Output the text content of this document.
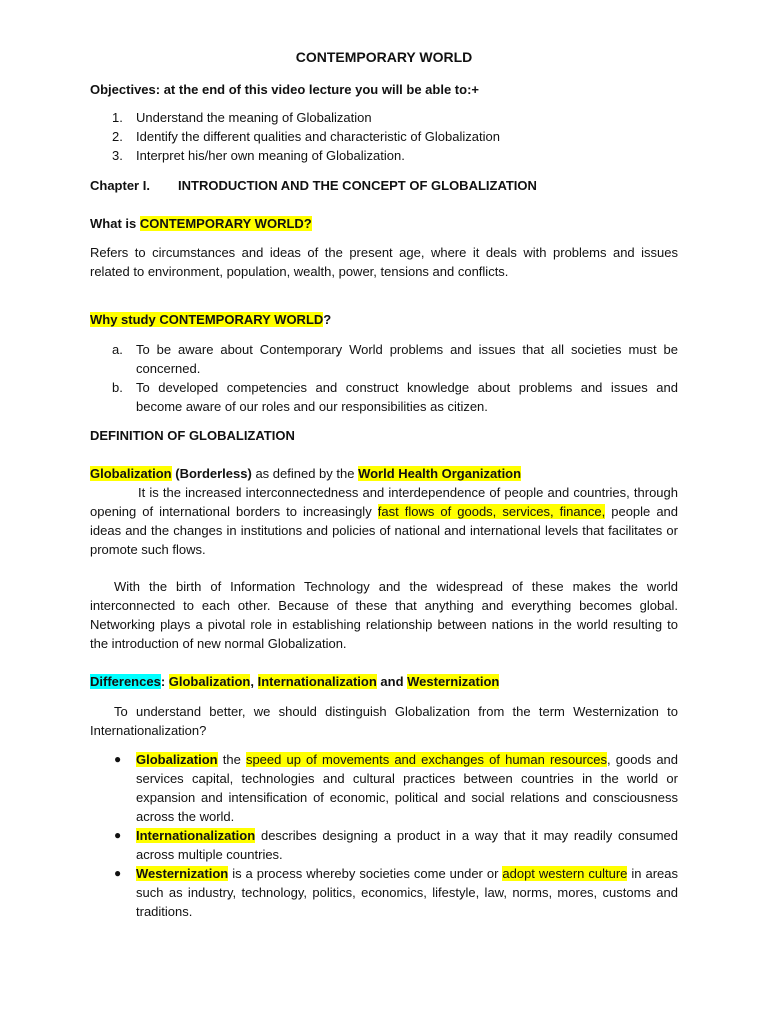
CONTEMPORARY WORLD
Objectives: at the end of this video lecture you will be able to:+
1. Understand the meaning of Globalization
2. Identify the different qualities and characteristic of Globalization
3. Interpret his/her own meaning of Globalization.
Chapter I. INTRODUCTION AND THE CONCEPT OF GLOBALIZATION
What is CONTEMPORARY WORLD?
Refers to circumstances and ideas of the present age, where it deals with problems and issues related to environment, population, wealth, power, tensions and conflicts.
Why study CONTEMPORARY WORLD?
a. To be aware about Contemporary World problems and issues that all societies must be concerned.
b. To developed competencies and construct knowledge about problems and issues and become aware of our roles and our responsibilities as citizen.
DEFINITION OF GLOBALIZATION
Globalization (Borderless) as defined by the World Health Organization
It is the increased interconnectedness and interdependence of people and countries, through opening of international borders to increasingly fast flows of goods, services, finance, people and ideas and the changes in institutions and policies of national and international levels that facilitates or promote such flows.
With the birth of Information Technology and the widespread of these makes the world interconnected to each other. Because of these that anything and everything becomes global. Networking plays a pivotal role in establishing relationship between nations in the world resulting to the introduction of new normal Globalization.
Differences: Globalization, Internationalization and Westernization
To understand better, we should distinguish Globalization from the term Westernization to Internationalization?
● Globalization the speed up of movements and exchanges of human resources, goods and services capital, technologies and cultural practices between countries in the world or expansion and intensification of economic, political and social relations and consciousness across the world.
● Internationalization describes designing a product in a way that it may readily consumed across multiple countries.
● Westernization is a process whereby societies come under or adopt western culture in areas such as industry, technology, politics, economics, lifestyle, law, norms, mores, customs and traditions.
